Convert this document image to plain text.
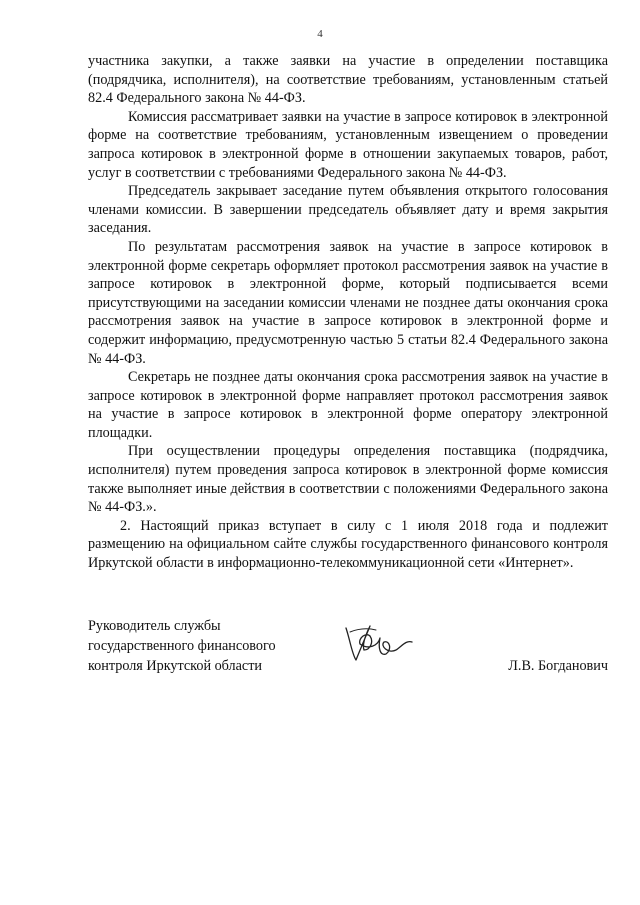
4

участника закупки, а также заявки на участие в определении поставщика (подрядчика, исполнителя), на соответствие требованиям, установленным статьей 82.4 Федерального закона № 44-ФЗ.

Комиссия рассматривает заявки на участие в запросе котировок в электронной форме на соответствие требованиям, установленным извещением о проведении запроса котировок в электронной форме в отношении закупаемых товаров, работ, услуг в соответствии с требованиями Федерального закона № 44-ФЗ.

Председатель закрывает заседание путем объявления открытого голосования членами комиссии. В завершении председатель объявляет дату и время закрытия заседания.

По результатам рассмотрения заявок на участие в запросе котировок в электронной форме секретарь оформляет протокол рассмотрения заявок на участие в запросе котировок в электронной форме, который подписывается всеми присутствующими на заседании комиссии членами не позднее даты окончания срока рассмотрения заявок на участие в запросе котировок в электронной форме и содержит информацию, предусмотренную частью 5 статьи 82.4 Федерального закона № 44-ФЗ.

Секретарь не позднее даты окончания срока рассмотрения заявок на участие в запросе котировок в электронной форме направляет протокол рассмотрения заявок на участие в запросе котировок в электронной форме оператору электронной площадки.

При осуществлении процедуры определения поставщика (подрядчика, исполнителя) путем проведения запроса котировок в электронной форме комиссия также выполняет иные действия в соответствии с положениями Федерального закона № 44-ФЗ.».

2. Настоящий приказ вступает в силу с 1 июля 2018 года и подлежит размещению на официальном сайте службы государственного финансового контроля Иркутской области в информационно-телекоммуникационной сети «Интернет».

Руководитель службы
государственного финансового
контроля Иркутской области	Л.В. Богданович
